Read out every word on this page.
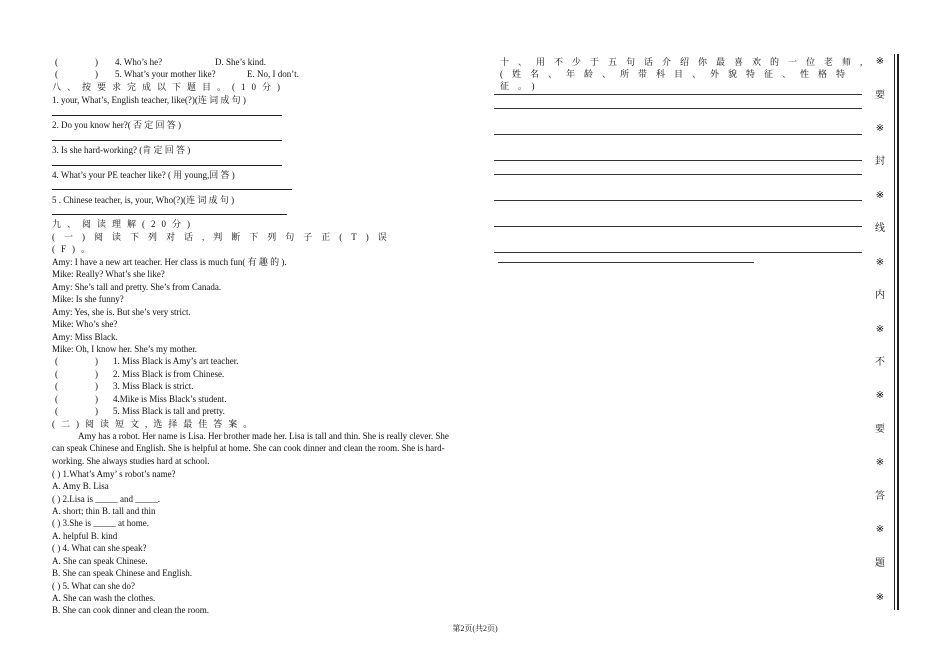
(	) 4. Who’s he?	D. She’s kind.
(	) 5. What’s your mother like?	E. No, I don’t.
八、按要求完成以下题目。(10分)
1. your, What’s, English teacher, like(?)(连 词 成 句 )
2. Do you know her?( 否 定 回 答 )
3. Is she hard-working? (肯 定 回 答 )
4. What’s your PE teacher like? ( 用 young,回 答 )
5 . Chinese teacher, is, your, Who(?)(连 词 成 句 )
九、阅读理解(20分)
(一)阅读下列对话,判断下列句子正(T)误
(F)。
Amy: I have a new art teacher. Her class is much fun( 有 趣 的 ).
Mike: Really? What’s she like?
Amy: She’s tall and pretty. She’s from Canada.
Mike: Is she funny?
Amy: Yes, she is. But she’s very strict.
Mike: Who’s she?
Amy: Miss Black.
Mike: Oh, I know her. She’s my mother.
(	) 1. Miss Black is Amy’s art teacher.
(	) 2. Miss Black is from Chinese.
(	) 3. Miss Black is strict.
(	) 4.Mike is Miss Black’s student.
(	) 5. Miss Black is tall and pretty.
(二)阅读短文,选择最佳答案。
Amy has a robot. Her name is Lisa. Her brother made her. Lisa is tall and thin. She is really clever. She can speak Chinese and English. She is helpful at home. She can cook dinner and clean the room. She is hard-working. She always studies hard at school.
( ) 1.What’s Amy’ s robot’s name?
A. Amy B. Lisa
( ) 2.Lisa is _____ and _____.
A. short; thin B. tall and thin
( ) 3.She is _____ at home.
A. helpful B. kind
( ) 4. What can she speak?
A. She can speak Chinese.
B. She can speak Chinese and English.
( ) 5. What can she do?
A. She can wash the clothes.
B. She can cook dinner and clean the room.
十、用不少于五句话介绍你最喜欢的一位老师,
(姓名、年龄、所带科目、外貌特征、性格特
征。)
※
要
※
封
※
线
※
内
※
不
※
要
※
答
※
题
※
第2页(共2页)
